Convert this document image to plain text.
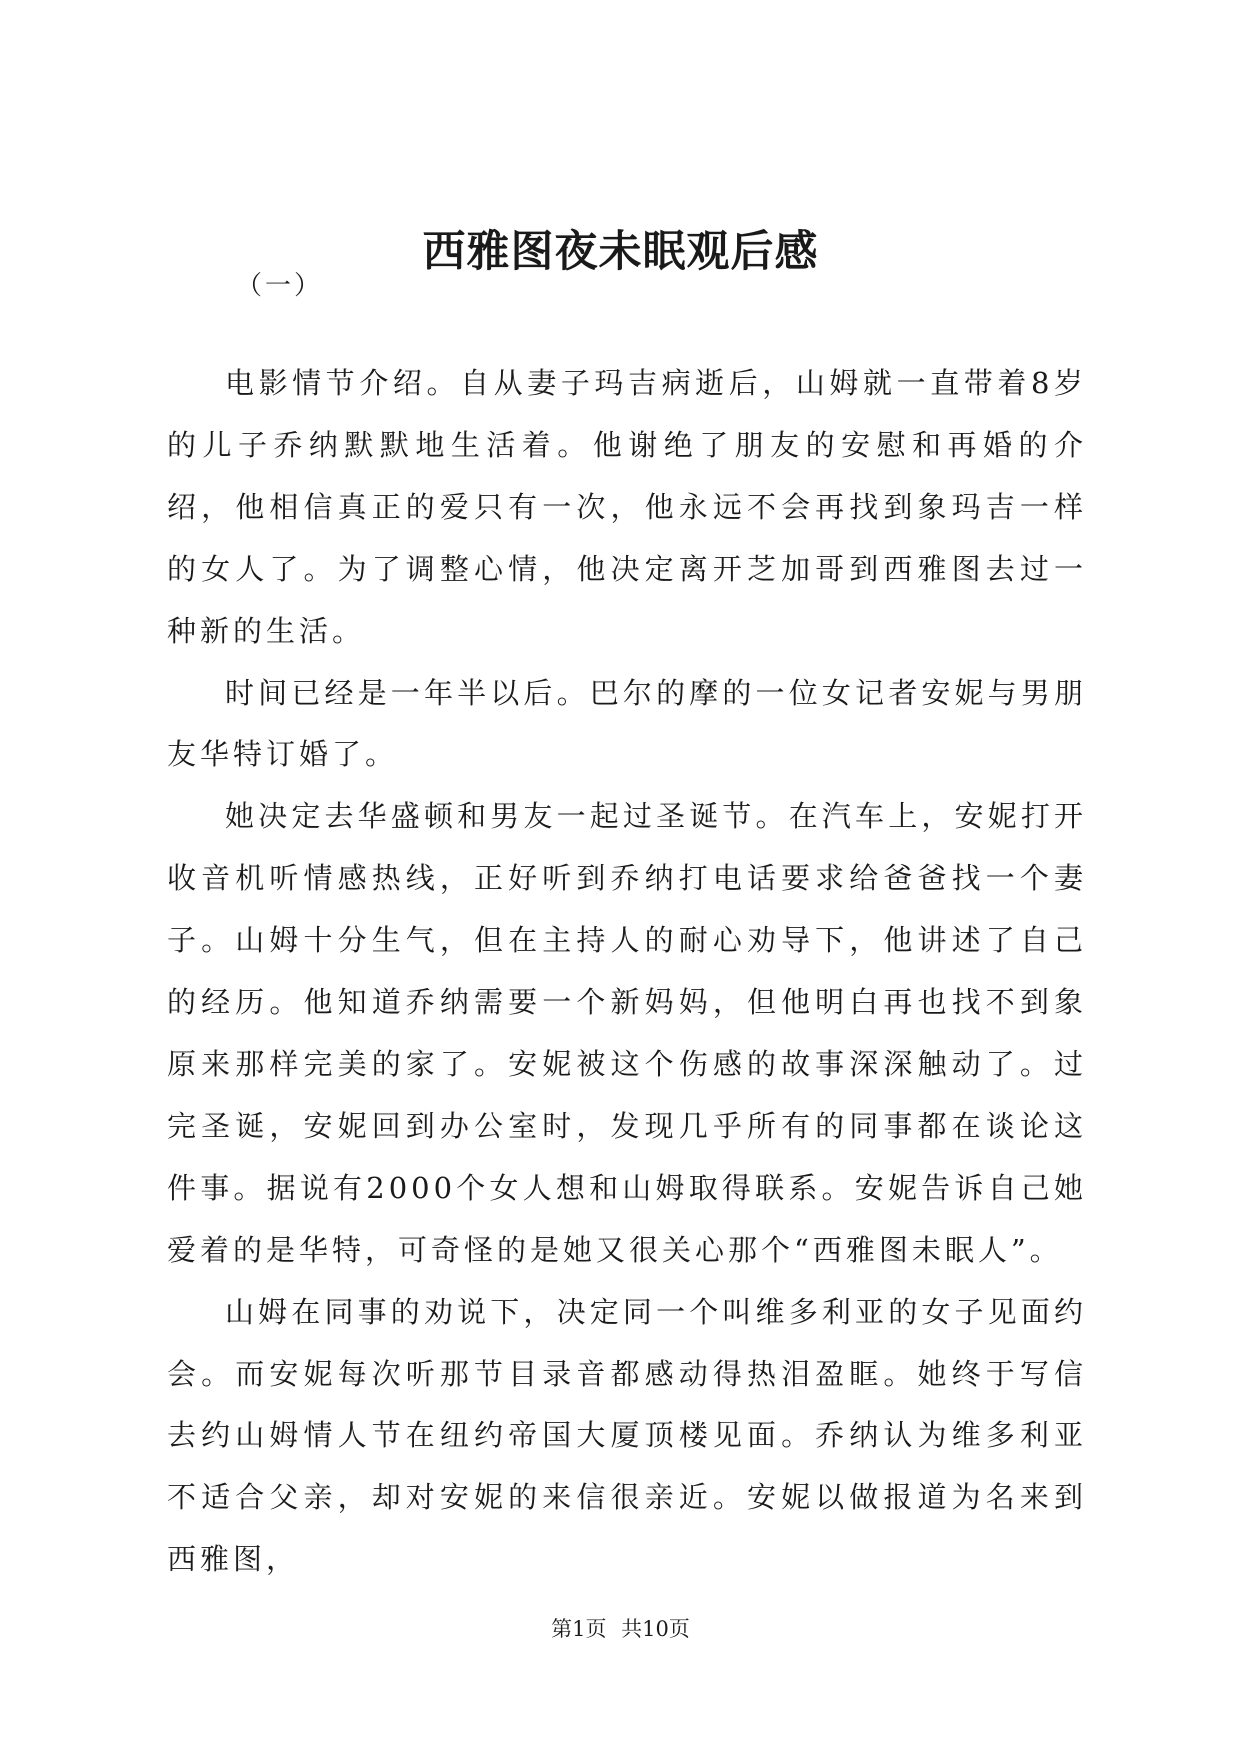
西雅图夜未眠观后感
（一）

电影情节介绍。自从妻子玛吉病逝后，山姆就一直带着8岁的儿子乔纳默默地生活着。他谢绝了朋友的安慰和再婚的介绍，他相信真正的爱只有一次，他永远不会再找到象玛吉一样的女人了。为了调整心情，他决定离开芝加哥到西雅图去过一种新的生活。

时间已经是一年半以后。巴尔的摩的一位女记者安妮与男朋友华特订婚了。

她决定去华盛顿和男友一起过圣诞节。在汽车上，安妮打开收音机听情感热线，正好听到乔纳打电话要求给爸爸找一个妻子。山姆十分生气，但在主持人的耐心劝导下，他讲述了自己的经历。他知道乔纳需要一个新妈妈，但他明白再也找不到象原来那样完美的家了。安妮被这个伤感的故事深深触动了。过完圣诞，安妮回到办公室时，发现几乎所有的同事都在谈论这件事。据说有2000个女人想和山姆取得联系。安妮告诉自己她爱着的是华特，可奇怪的是她又很关心那个“西雅图未眠人”。

山姆在同事的劝说下，决定同一个叫维多利亚的女子见面约会。而安妮每次听那节目录音都感动得热泪盈眶。她终于写信去约山姆情人节在纽约帝国大厦顶楼见面。乔纳认为维多利亚不适合父亲，却对安妮的来信很亲近。安妮以做报道为名来到西雅图，

第1页 共10页
